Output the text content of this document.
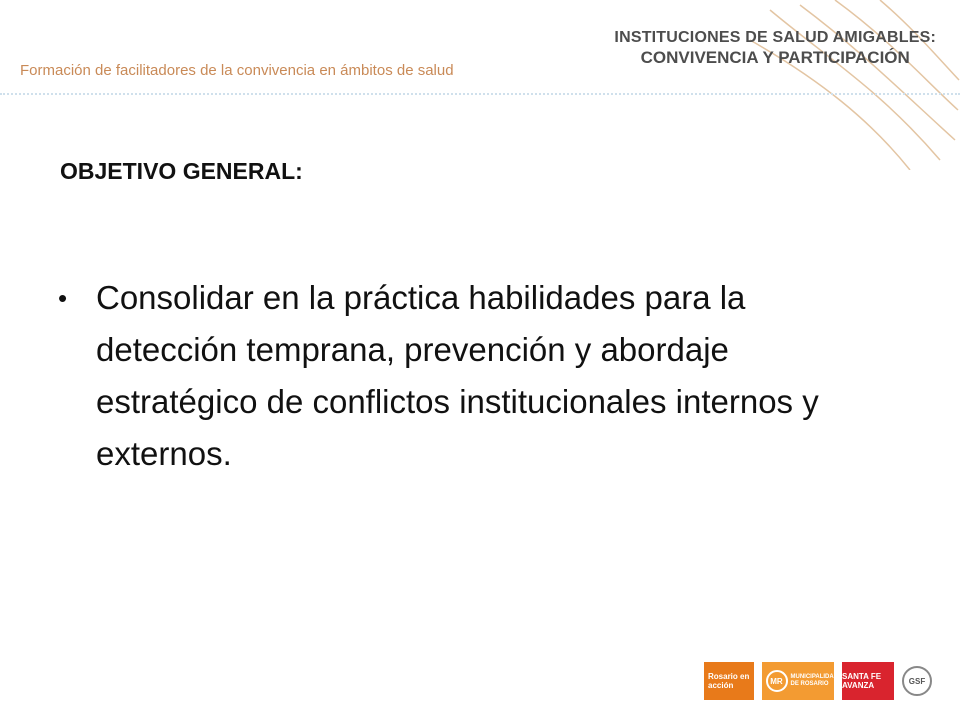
Formación de facilitadores de la convivencia en ámbitos de salud
INSTITUCIONES DE SALUD AMIGABLES:
CONVIVENCIA Y PARTICIPACIÓN
OBJETIVO GENERAL:
• Consolidar en la práctica habilidades para la detección temprana, prevención y abordaje estratégico de conflictos institucionales internos y externos.
Rosario en acción	MR	MUNICIPALIDAD DE ROSARIO
SANTA FE AVANZA	GSF
